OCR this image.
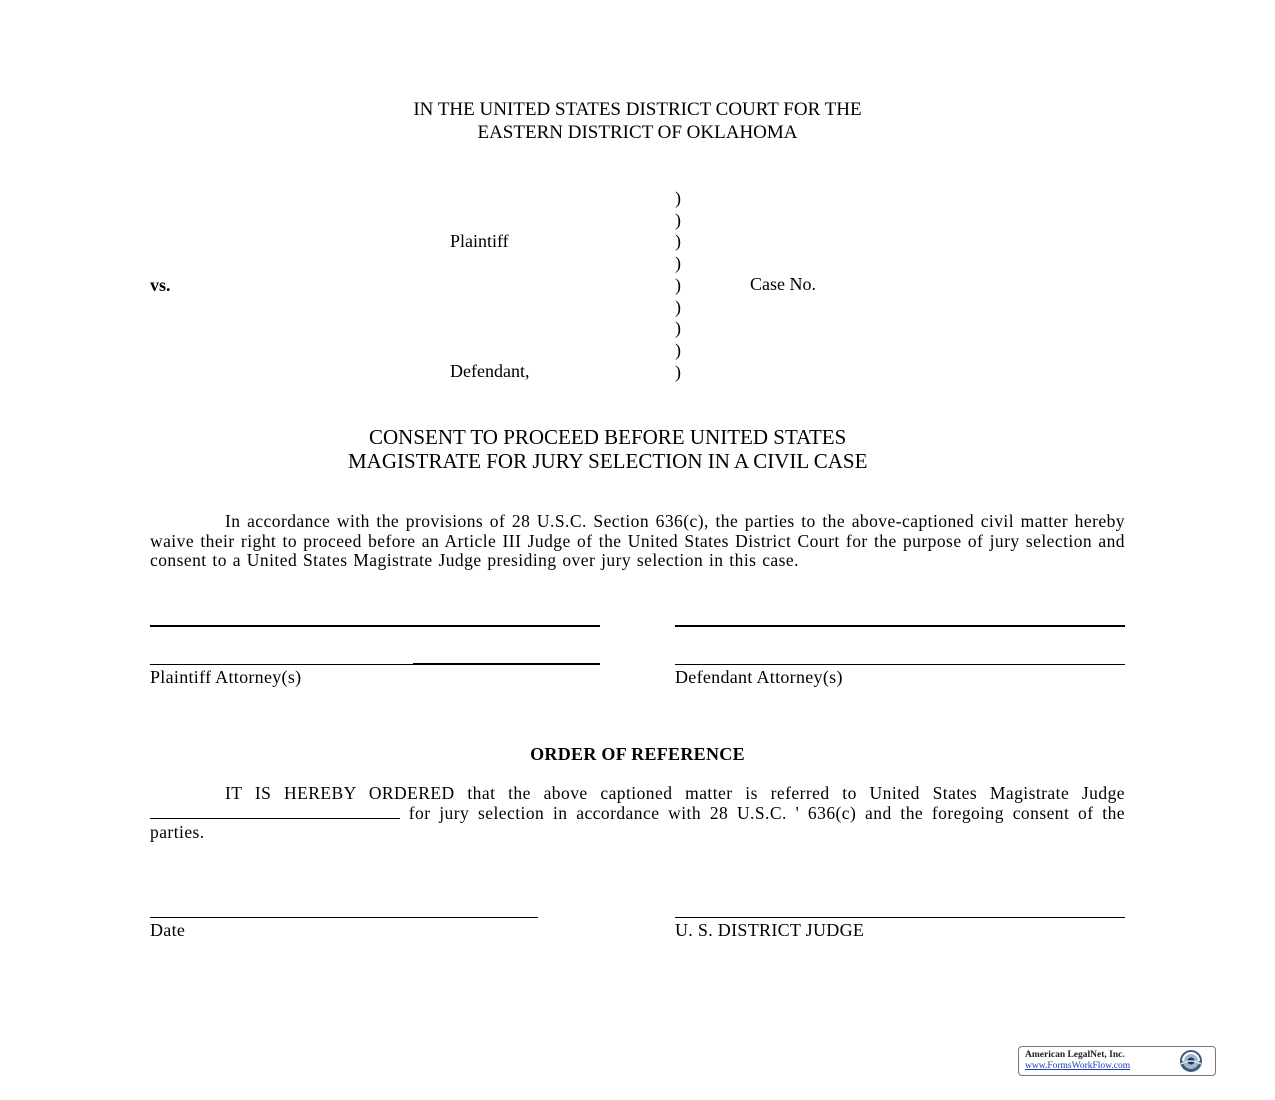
IN THE UNITED STATES DISTRICT COURT FOR THE
EASTERN DISTRICT OF OKLAHOMA
)
)
)
)
)
)
)
)
)
Plaintiff
vs.	Case No.
Defendant,
CONSENT TO PROCEED BEFORE UNITED STATES
MAGISTRATE FOR JURY SELECTION IN A CIVIL CASE
In accordance with the provisions of 28 U.S.C. Section 636(c), the parties to the above-captioned civil matter hereby waive their right to proceed before an Article III Judge of the United States District Court for the purpose of jury selection and consent to a United States Magistrate Judge presiding over jury selection in this case.
Plaintiff Attorney(s)	Defendant Attorney(s)
ORDER OF REFERENCE
IT IS HEREBY ORDERED that the above captioned matter is referred to United States Magistrate Judge  for jury selection in accordance with 28 U.S.C. ' 636(c) and the foregoing consent of the parties.
Date	U. S. DISTRICT JUDGE
American LegalNet, Inc.
www.FormsWorkFlow.com
